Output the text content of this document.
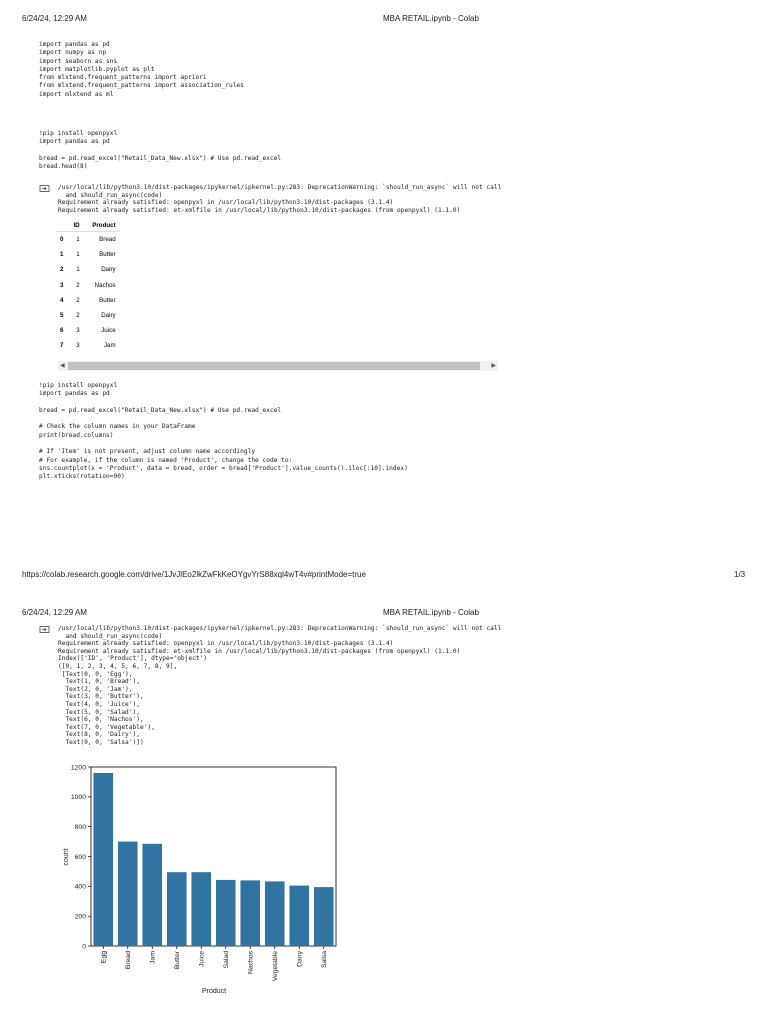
6/24/24, 12:29 AM	MBA RETAIL.ipynb - Colab
import pandas as pd
import numpy as np
import seaborn as sns
import matplotlib.pyplot as plt
from mlxtend.frequent_patterns import apriori
from mlxtend.frequent_patterns import association_rules
import mlxtend as ml
!pip install openpyxl
import pandas as pd

bread = pd.read_excel("Retail_Data_New.xlsx") # Use pd.read_excel
bread.head(8)
/usr/local/lib/python3.10/dist-packages/ipykernel/ipkernel.py:283: DeprecationWarning: `should_run_async` will not call
and should_run_async(code)
Requirement already satisfied: openpyxl in /usr/local/lib/python3.10/dist-packages (3.1.4)
Requirement already satisfied: et-xmlfile in /usr/local/lib/python3.10/dist-packages (from openpyxl) (1.1.0)
	ID	Product
0	1	Bread
1	1	Butter
2	1	Dairy
3	2	Nachos
4	2	Butter
5	2	Dairy
6	3	Juice
7	3	Jam
◀	▶
!pip install openpyxl
import pandas as pd

bread = pd.read_excel("Retail_Data_New.xlsx") # Use pd.read_excel

# Check the column names in your DataFrame
print(bread.columns)

# If 'Item' is not present, adjust column name accordingly
# For example, if the column is named 'Product', change the code to:
sns.countplot(x = 'Product', data = bread, order = bread['Product'].value_counts().iloc[:10].index)
plt.xticks(rotation=90)
https://colab.research.google.com/drive/1JvJlEo2lkZwFkKeOYgvYrS88xql4wT4v#printMode=true	1/3
6/24/24, 12:29 AM	MBA RETAIL.ipynb - Colab
/usr/local/lib/python3.10/dist-packages/ipykernel/ipkernel.py:283: DeprecationWarning: `should_run_async` will not call
and should_run_async(code)
Requirement already satisfied: openpyxl in /usr/local/lib/python3.10/dist-packages (3.1.4)
Requirement already satisfied: et-xmlfile in /usr/local/lib/python3.10/dist-packages (from openpyxl) (1.1.0)
Index(['ID', 'Product'], dtype='object')
([0, 1, 2, 3, 4, 5, 6, 7, 8, 9],
[Text(0, 0, 'Egg'),
Text(1, 0, 'Bread'),
Text(2, 0, 'Jam'),
Text(3, 0, 'Butter'),
Text(4, 0, 'Juice'),
Text(5, 0, 'Salad'),
Text(6, 0, 'Nachos'),
Text(7, 0, 'Vegetable'),
Text(8, 0, 'Dairy'),
Text(9, 0, 'Salsa')])
count
Product
0
200
400
600
800
1000
1200
Egg	Bread	Jam	Butter	Juice	Salad	Nachos	Vegetable	Dairy	Salsa
